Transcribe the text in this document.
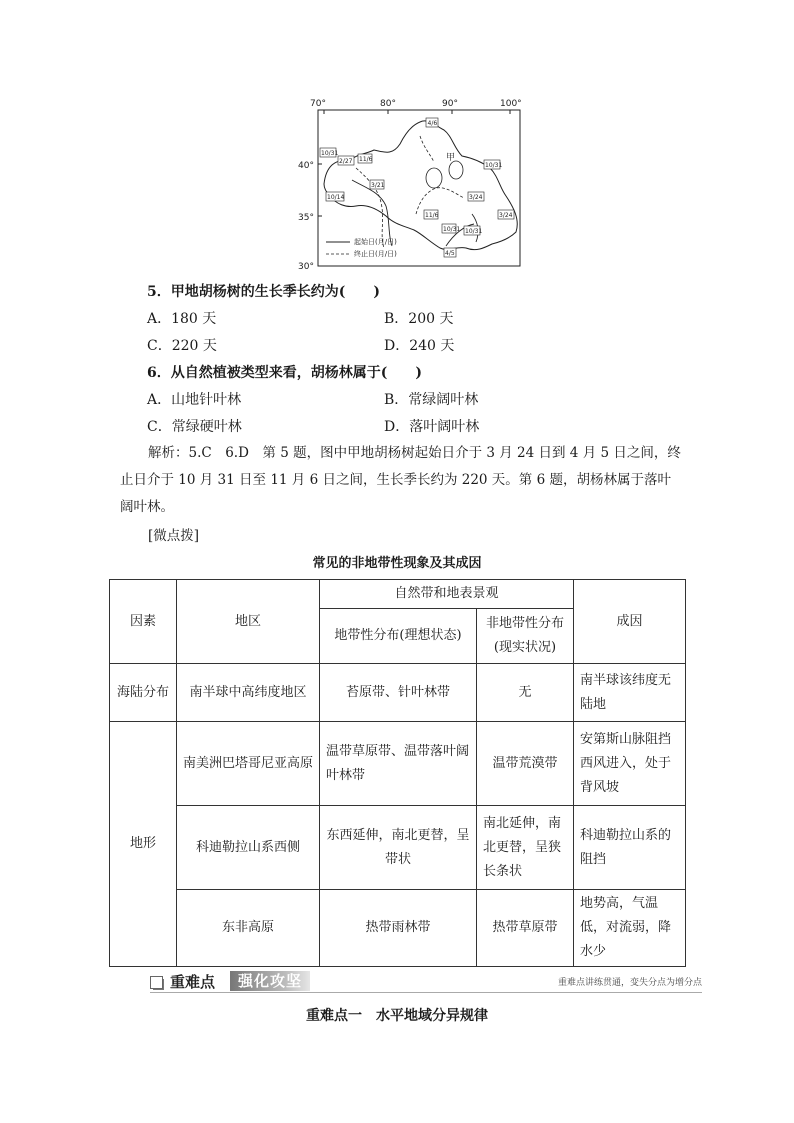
70°	80°	90°	100°
40°
35°
30°
甲
4/6
10/31
2/27 11/6
3/21
10/31
10/14
11/6
3/24
10/31
3/24
10/31
4/5
起始日(月/日)
终止日(月/日)
5．甲地胡杨树的生长季长约为(　　)
A．180 天	B．200 天
C．220 天	D．240 天
6．从自然植被类型来看，胡杨林属于(　　)
A．山地针叶林	B．常绿阔叶林
C．常绿硬叶林	D．落叶阔叶林
解析：5.C　6.D　第 5 题，图中甲地胡杨树起始日介于 3 月 24 日到 4 月 5 日之间，终止日介于 10 月 31 日至 11 月 6 日之间，生长季长约为 220 天。第 6 题，胡杨林属于落叶阔叶林。
[微点拨]
常见的非地带性现象及其成因
因素	地区	自然带和地表景观		成因
		地带性分布(理想状态)	非地带性分布(现实状况)	
海陆分布	南半球中高纬度地区	苔原带、针叶林带	无	南半球该纬度无陆地
地形	南美洲巴塔哥尼亚高原	温带草原带、温带落叶阔叶林带	温带荒漠带	安第斯山脉阻挡西风进入，处于背风坡
	科迪勒拉山系西侧	东西延伸，南北更替，呈带状	南北延伸，南北更替，呈狭长条状	科迪勒拉山系的阻挡
	东非高原	热带雨林带	热带草原带	地势高，气温低，对流弱，降水少
重难点	强化攻坚	重难点讲练贯通，变失分点为增分点
重难点一　水平地域分异规律
